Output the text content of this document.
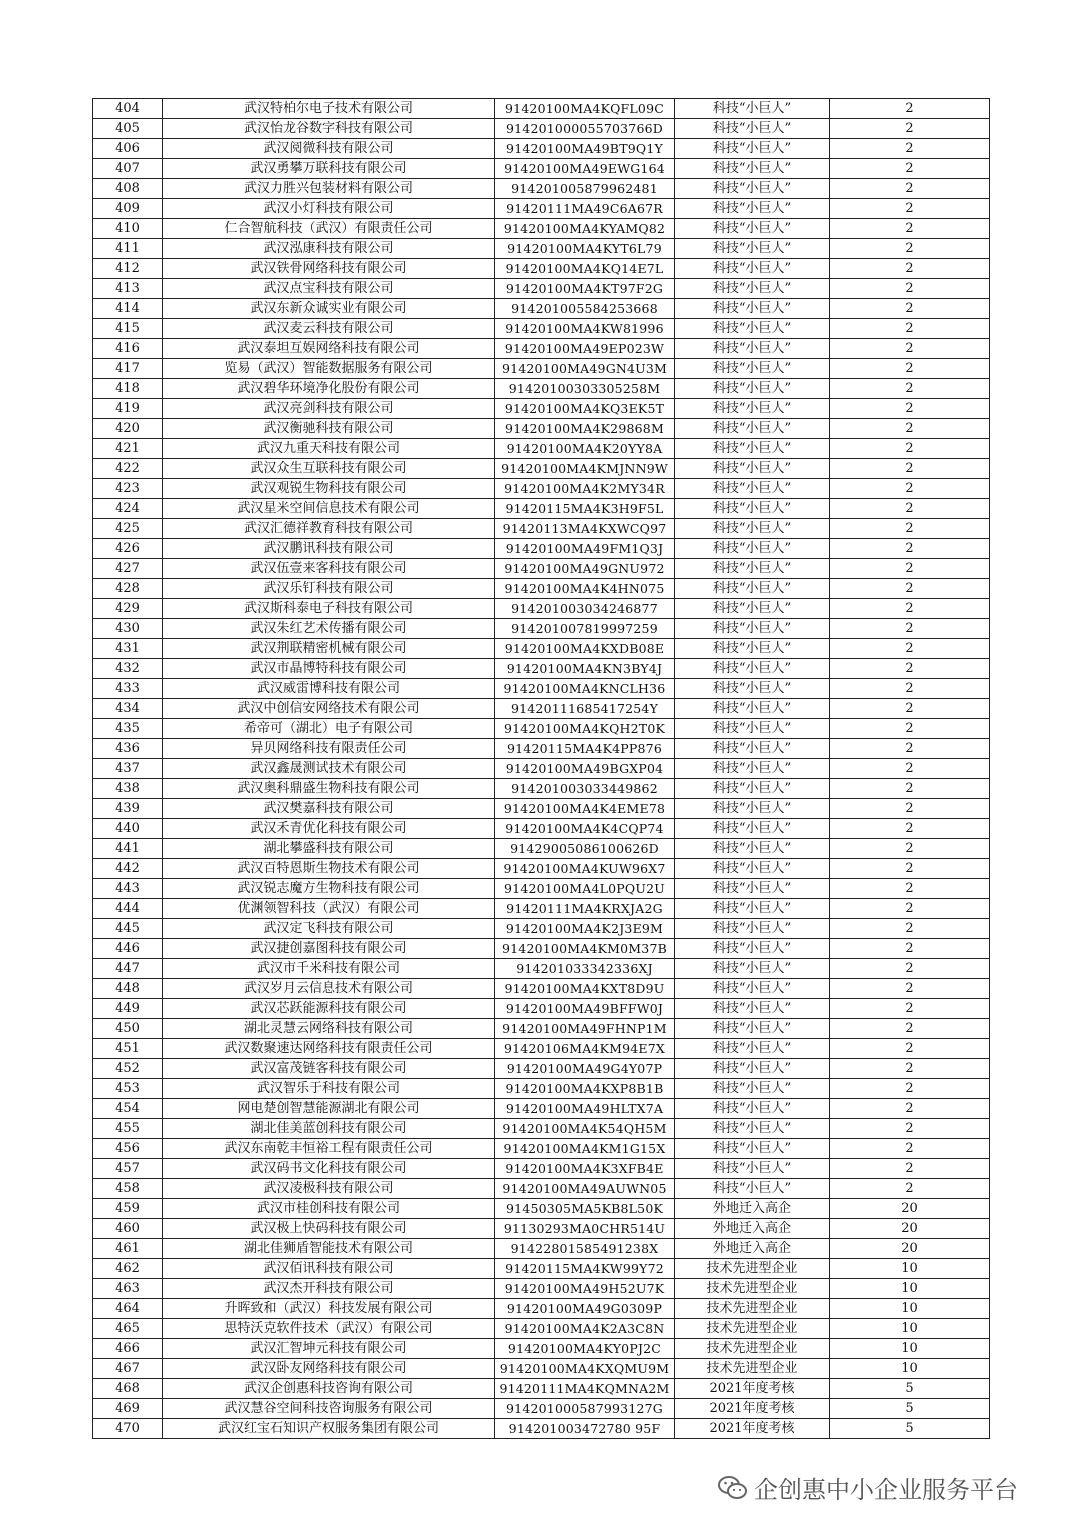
404	武汉特柏尔电子技术有限公司	91420100MA4KQFL09C	科技“小巨人”	2
405	武汉怡龙谷数字科技有限公司	914201000055703766D	科技“小巨人”	2
406	武汉阅微科技有限公司	91420100MA49BT9Q1Y	科技“小巨人”	2
407	武汉勇攀万联科技有限公司	91420100MA49EWG164	科技“小巨人”	2
408	武汉力胜兴包装材料有限公司	914201005879962481	科技“小巨人”	2
409	武汉小灯科技有限公司	91420111MA49C6A67R	科技“小巨人”	2
410	仁合智航科技（武汉）有限责任公司	91420100MA4KYAMQ82	科技“小巨人”	2
411	武汉泓康科技有限公司	91420100MA4KYT6L79	科技“小巨人”	2
412	武汉铁骨网络科技有限公司	91420100MA4KQ14E7L	科技“小巨人”	2
413	武汉点宝科技有限公司	91420100MA4KT97F2G	科技“小巨人”	2
414	武汉东新众诚实业有限公司	914201005584253668	科技“小巨人”	2
415	武汉麦云科技有限公司	91420100MA4KW81996	科技“小巨人”	2
416	武汉泰坦互娱网络科技有限公司	91420100MA49EP023W	科技“小巨人”	2
417	览易（武汉）智能数据服务有限公司	91420100MA49GN4U3M	科技“小巨人”	2
418	武汉碧华环境净化股份有限公司	91420100303305258M	科技“小巨人”	2
419	武汉亮剑科技有限公司	91420100MA4KQ3EK5T	科技“小巨人”	2
420	武汉衡驰科技有限公司	91420100MA4K29868M	科技“小巨人”	2
421	武汉九重天科技有限公司	91420100MA4K20YY8A	科技“小巨人”	2
422	武汉众生互联科技有限公司	91420100MA4KMJNN9W	科技“小巨人”	2
423	武汉观锐生物科技有限公司	91420100MA4K2MY34R	科技“小巨人”	2
424	武汉星米空间信息技术有限公司	91420115MA4K3H9F5L	科技“小巨人”	2
425	武汉汇德祥教育科技有限公司	91420113MA4KXWCQ97	科技“小巨人”	2
426	武汉鹏讯科技有限公司	91420100MA49FM1Q3J	科技“小巨人”	2
427	武汉伍壹来客科技有限公司	91420100MA49GNU972	科技“小巨人”	2
428	武汉乐钉科技有限公司	91420100MA4K4HN075	科技“小巨人”	2
429	武汉斯科泰电子科技有限公司	914201003034246877	科技“小巨人”	2
430	武汉朱红艺术传播有限公司	914201007819997259	科技“小巨人”	2
431	武汉荆联精密机械有限公司	91420100MA4KXDB08E	科技“小巨人”	2
432	武汉市晶博特科技有限公司	91420100MA4KN3BY4J	科技“小巨人”	2
433	武汉威雷博科技有限公司	91420100MA4KNCLH36	科技“小巨人”	2
434	武汉中创信安网络技术有限公司	91420111685417254Y	科技“小巨人”	2
435	希帝可（湖北）电子有限公司	91420100MA4KQH2T0K	科技“小巨人”	2
436	异贝网络科技有限责任公司	91420115MA4K4PP876	科技“小巨人”	2
437	武汉鑫晟测试技术有限公司	91420100MA49BGXP04	科技“小巨人”	2
438	武汉奥科鼎盛生物科技有限公司	914201003033449862	科技“小巨人”	2
439	武汉樊嘉科技有限公司	91420100MA4K4EME78	科技“小巨人”	2
440	武汉禾青优化科技有限公司	91420100MA4K4CQP74	科技“小巨人”	2
441	湖北攀盛科技有限公司	91429005086100626D	科技“小巨人”	2
442	武汉百特恩斯生物技术有限公司	91420100MA4KUW96X7	科技“小巨人”	2
443	武汉锐志魔方生物科技有限公司	91420100MA4L0PQU2U	科技“小巨人”	2
444	优渊领智科技（武汉）有限公司	91420111MA4KRXJA2G	科技“小巨人”	2
445	武汉定飞科技有限公司	91420100MA4K2J3E9M	科技“小巨人”	2
446	武汉捷创嘉图科技有限公司	91420100MA4KM0M37B	科技“小巨人”	2
447	武汉市千米科技有限公司	914201033342336XJ	科技“小巨人”	2
448	武汉岁月云信息技术有限公司	91420100MA4KXT8D9U	科技“小巨人”	2
449	武汉芯跃能源科技有限公司	91420100MA49BFFW0J	科技“小巨人”	2
450	湖北灵慧云网络科技有限公司	91420100MA49FHNP1M	科技“小巨人”	2
451	武汉数聚速达网络科技有限责任公司	91420106MA4KM94E7X	科技“小巨人”	2
452	武汉富茂链客科技有限公司	91420100MA49G4Y07P	科技“小巨人”	2
453	武汉智乐于科技有限公司	91420100MA4KXP8B1B	科技“小巨人”	2
454	网电楚创智慧能源湖北有限公司	91420100MA49HLTX7A	科技“小巨人”	2
455	湖北佳美蓝创科技有限公司	91420100MA4K54QH5M	科技“小巨人”	2
456	武汉东南乾丰恒裕工程有限责任公司	91420100MA4KM1G15X	科技“小巨人”	2
457	武汉码书文化科技有限公司	91420100MA4K3XFB4E	科技“小巨人”	2
458	武汉凌极科技有限公司	91420100MA49AUWN05	科技“小巨人”	2
459	武汉市桂创科技有限公司	91450305MA5KB8L50K	外地迁入高企	20
460	武汉极上快码科技有限公司	91130293MA0CHR514U	外地迁入高企	20
461	湖北佳狮盾智能技术有限公司	91422801585491238X	外地迁入高企	20
462	武汉佰讯科技有限公司	91420115MA4KW99Y72	技术先进型企业	10
463	武汉杰开科技有限公司	91420100MA49H52U7K	技术先进型企业	10
464	升晖致和（武汉）科技发展有限公司	91420100MA49G0309P	技术先进型企业	10
465	思特沃克软件技术（武汉）有限公司	91420100MA4K2A3C8N	技术先进型企业	10
466	武汉汇智坤元科技有限公司	91420100MA4KY0PJ2C	技术先进型企业	10
467	武汉卧友网络科技有限公司	91420100MA4KXQMU9M	技术先进型企业	10
468	武汉企创惠科技咨询有限公司	91420111MA4KQMNA2M	2021年度考核	5
469	武汉慧谷空间科技咨询服务有限公司	914201000587993127G	2021年度考核	5
470	武汉红宝石知识产权服务集团有限公司	914201003472780 95F	2021年度考核	5
企创惠中小企业服务平台
